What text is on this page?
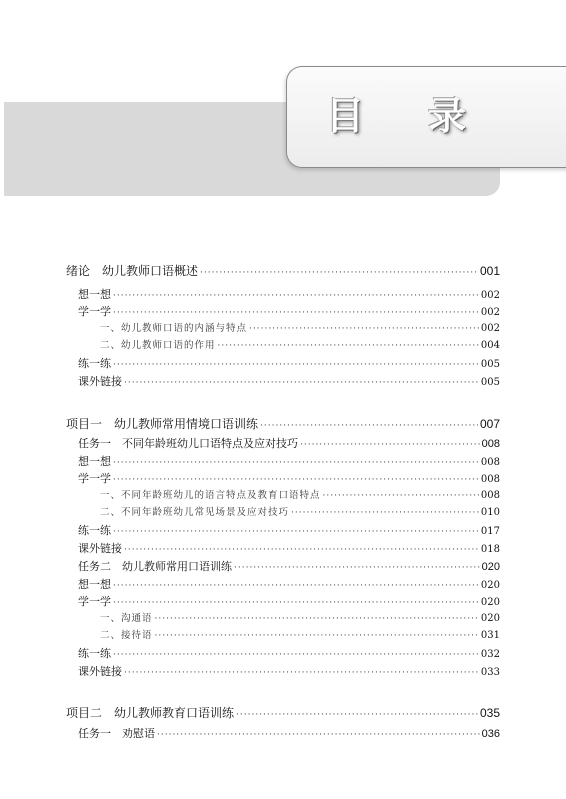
目 录
绪论　幼儿教师口语概述 ·····	001
想一想 ·····	002
学一学 ·····	002
一、幼儿教师口语的内涵与特点 ·····	002
二、幼儿教师口语的作用 ·····	004
练一练 ·····	005
课外链接 ·····	005
项目一　幼儿教师常用情境口语训练 ·····	007
任务一　不同年龄班幼儿口语特点及应对技巧 ·····	008
想一想 ·····	008
学一学 ·····	008
一、不同年龄班幼儿的语言特点及教育口语特点 ·····	008
二、不同年龄班幼儿常见场景及应对技巧 ·····	010
练一练 ·····	017
课外链接 ·····	018
任务二　幼儿教师常用口语训练 ·····	020
想一想 ·····	020
学一学 ·····	020
一、沟通语 ·····	020
二、接待语 ·····	031
练一练 ·····	032
课外链接 ·····	033
项目二　幼儿教师教育口语训练 ·····	035
任务一　劝慰语 ·····	036
